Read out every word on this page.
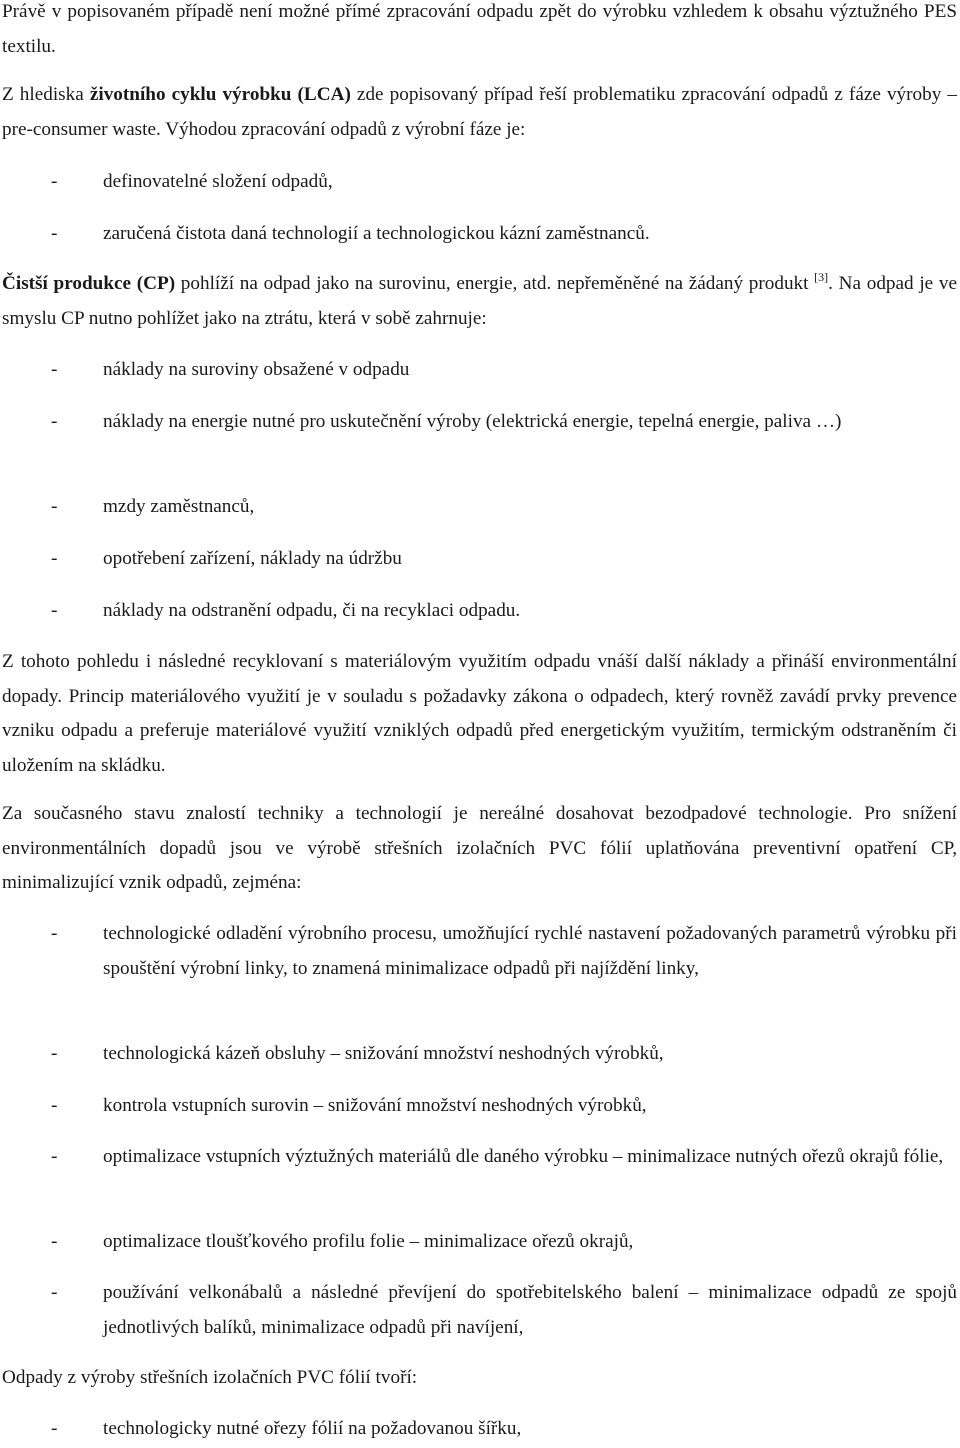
Právě v popisovaném případě není možné přímé zpracování odpadu zpět do výrobku vzhledem k obsahu výztužného PES textilu.

Z hlediska životního cyklu výrobku (LCA) zde popisovaný případ řeší problematiku zpracování odpadů z fáze výroby – pre-consumer waste. Výhodou zpracování odpadů z výrobní fáze je:

- definovatelné složení odpadů,
- zaručená čistota daná technologií a technologickou kázní zaměstnanců.

Čistší produkce (CP) pohlíží na odpad jako na surovinu, energie, atd. nepřeměněné na žádaný produkt [3]. Na odpad je ve smyslu CP nutno pohlížet jako na ztrátu, která v sobě zahrnuje:

- náklady na suroviny obsažené v odpadu
- náklady na energie nutné pro uskutečnění výroby (elektrická energie, tepelná energie, paliva …)
- mzdy zaměstnanců,
- opotřebení zařízení, náklady na údržbu
- náklady na odstranění odpadu, či na recyklaci odpadu.

Z tohoto pohledu i následné recyklovaní s materiálovým využitím odpadu vnáší další náklady a přináší environmentální dopady. Princip materiálového využití je v souladu s požadavky zákona o odpadech, který rovněž zavádí prvky prevence vzniku odpadu a preferuje materiálové využití vzniklých odpadů před energetickým využitím, termickým odstraněním či uložením na skládku.

Za současného stavu znalostí techniky a technologií je nereálné dosahovat bezodpadové technologie. Pro snížení environmentálních dopadů jsou ve výrobě střešních izolačních PVC fólií uplatňována preventivní opatření CP, minimalizující vznik odpadů, zejména:

- technologické odladění výrobního procesu, umožňující rychlé nastavení požadovaných parametrů výrobku při spouštění výrobní linky, to znamená minimalizace odpadů při najíždění linky,
- technologická kázeň obsluhy – snižování množství neshodných výrobků,
- kontrola vstupních surovin – snižování množství neshodných výrobků,
- optimalizace vstupních výztužných materiálů dle daného výrobku – minimalizace nutných ořezů okrajů fólie,
- optimalizace tloušťkového profilu folie – minimalizace ořezů okrajů,
- používání velkonábalů a následné převíjení do spotřebitelského balení – minimalizace odpadů ze spojů jednotlivých balíků, minimalizace odpadů při navíjení,

Odpady z výroby střešních izolačních PVC fólií tvoří:

- technologicky nutné ořezy fólií na požadovanou šířku,
